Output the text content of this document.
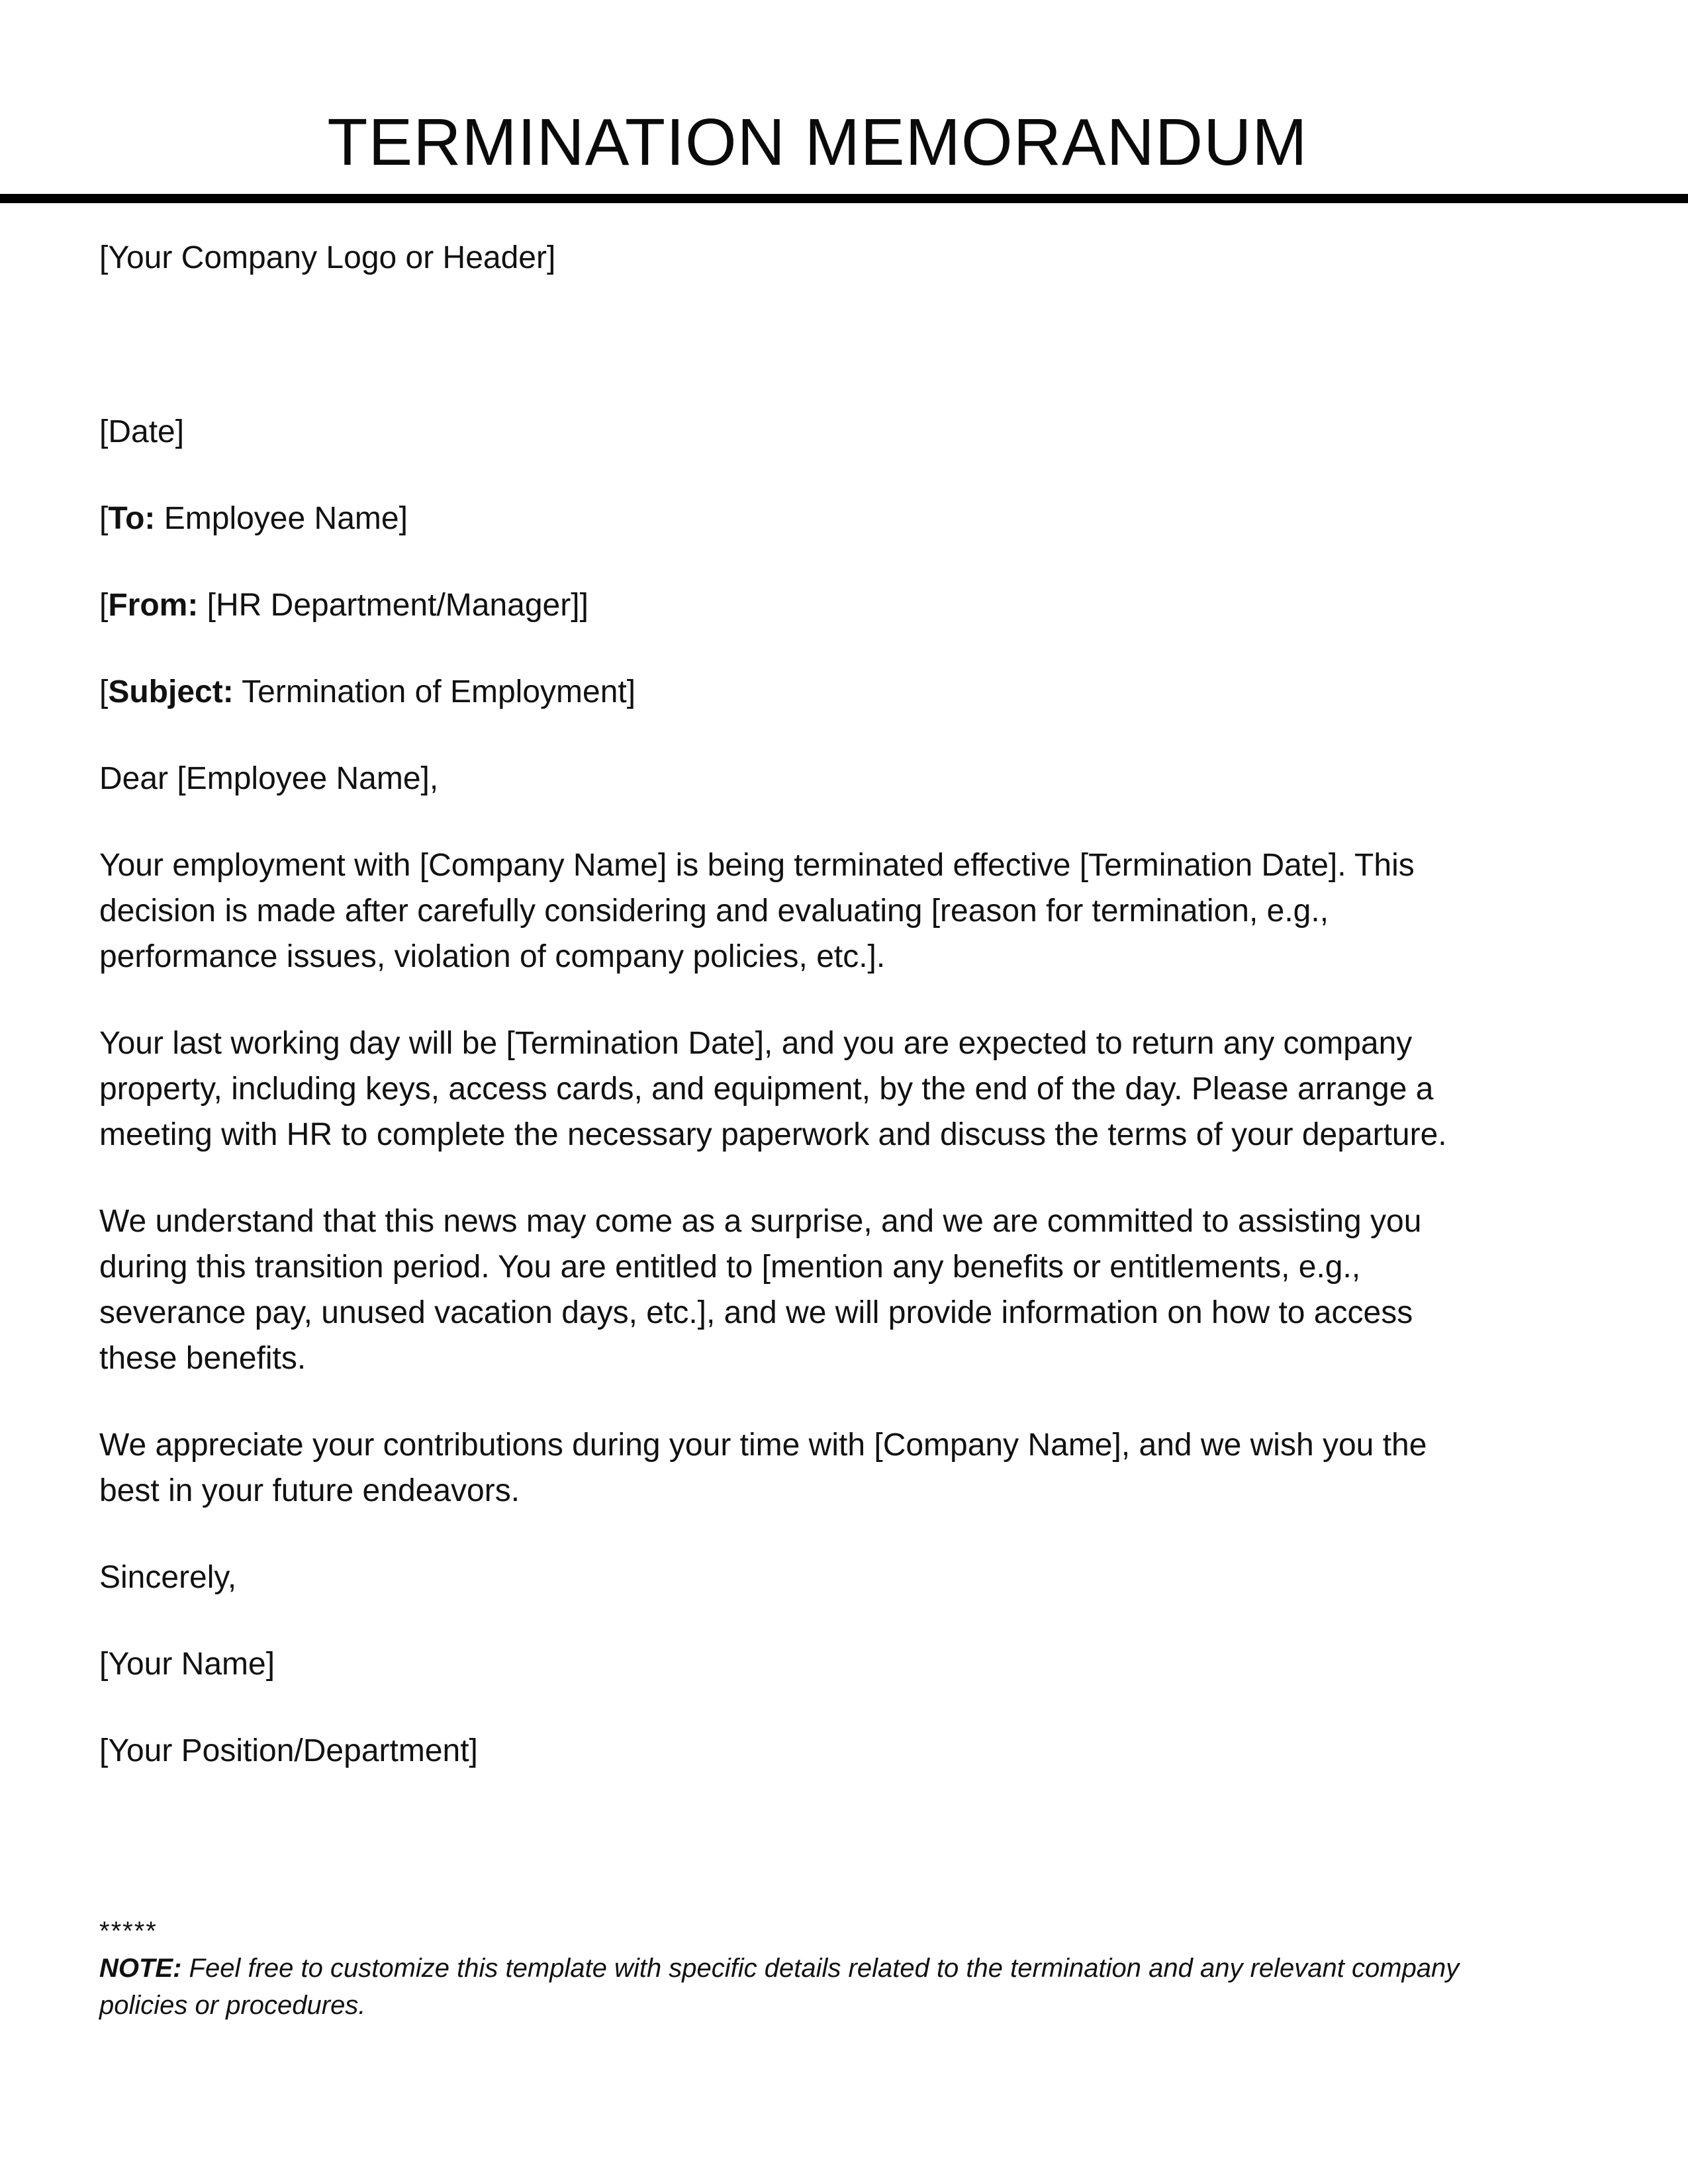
TERMINATION MEMORANDUM

[Your Company Logo or Header]

[Date]

[To: Employee Name]

[From: [HR Department/Manager]]

[Subject: Termination of Employment]

Dear [Employee Name],

Your employment with [Company Name] is being terminated effective [Termination Date]. This
decision is made after carefully considering and evaluating [reason for termination, e.g.,
performance issues, violation of company policies, etc.].

Your last working day will be [Termination Date], and you are expected to return any company
property, including keys, access cards, and equipment, by the end of the day. Please arrange a
meeting with HR to complete the necessary paperwork and discuss the terms of your departure.

We understand that this news may come as a surprise, and we are committed to assisting you
during this transition period. You are entitled to [mention any benefits or entitlements, e.g.,
severance pay, unused vacation days, etc.], and we will provide information on how to access
these benefits.

We appreciate your contributions during your time with [Company Name], and we wish you the
best in your future endeavors.

Sincerely,

[Your Name]

[Your Position/Department]

*****

NOTE: Feel free to customize this template with specific details related to the termination and any relevant company
policies or procedures.
